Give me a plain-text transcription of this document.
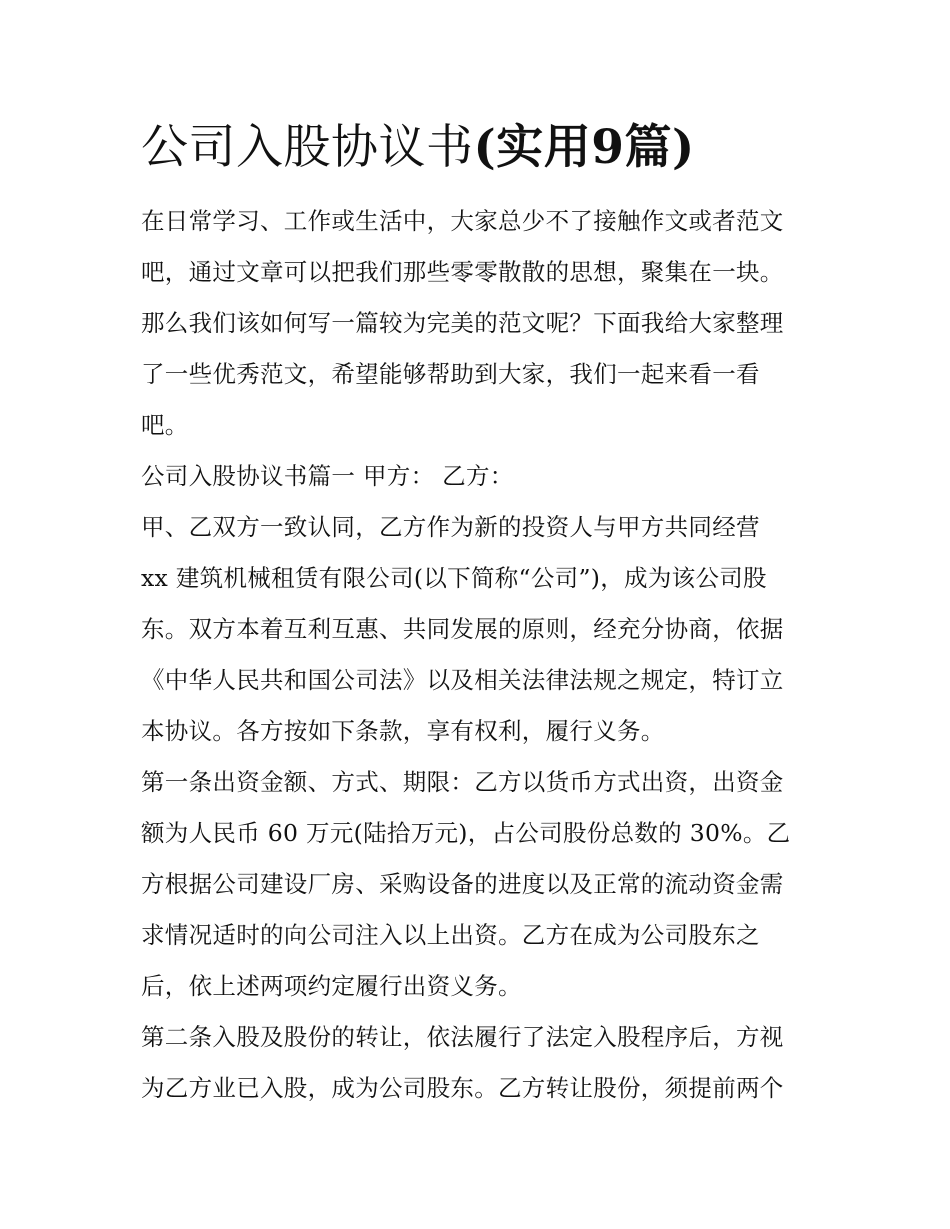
公司入股协议书(实用9篇)

在日常学习、工作或生活中，大家总少不了接触作文或者范文
吧，通过文章可以把我们那些零零散散的思想，聚集在一块。
那么我们该如何写一篇较为完美的范文呢？下面我给大家整理
了一些优秀范文，希望能够帮助到大家，我们一起来看一看
吧。

公司入股协议书篇一 甲方： 乙方：

甲、乙双方一致认同，乙方作为新的投资人与甲方共同经营
xx 建筑机械租赁有限公司(以下简称“公司”)，成为该公司股
东。双方本着互利互惠、共同发展的原则，经充分协商，依据
《中华人民共和国公司法》以及相关法律法规之规定，特订立
本协议。各方按如下条款，享有权利，履行义务。

第一条出资金额、方式、期限：乙方以货币方式出资，出资金
额为人民币 60 万元(陆拾万元)，占公司股份总数的 30%。乙
方根据公司建设厂房、采购设备的进度以及正常的流动资金需
求情况适时的向公司注入以上出资。乙方在成为公司股东之
后，依上述两项约定履行出资义务。

第二条入股及股份的转让，依法履行了法定入股程序后，方视
为乙方业已入股，成为公司股东。乙方转让股份，须提前两个
